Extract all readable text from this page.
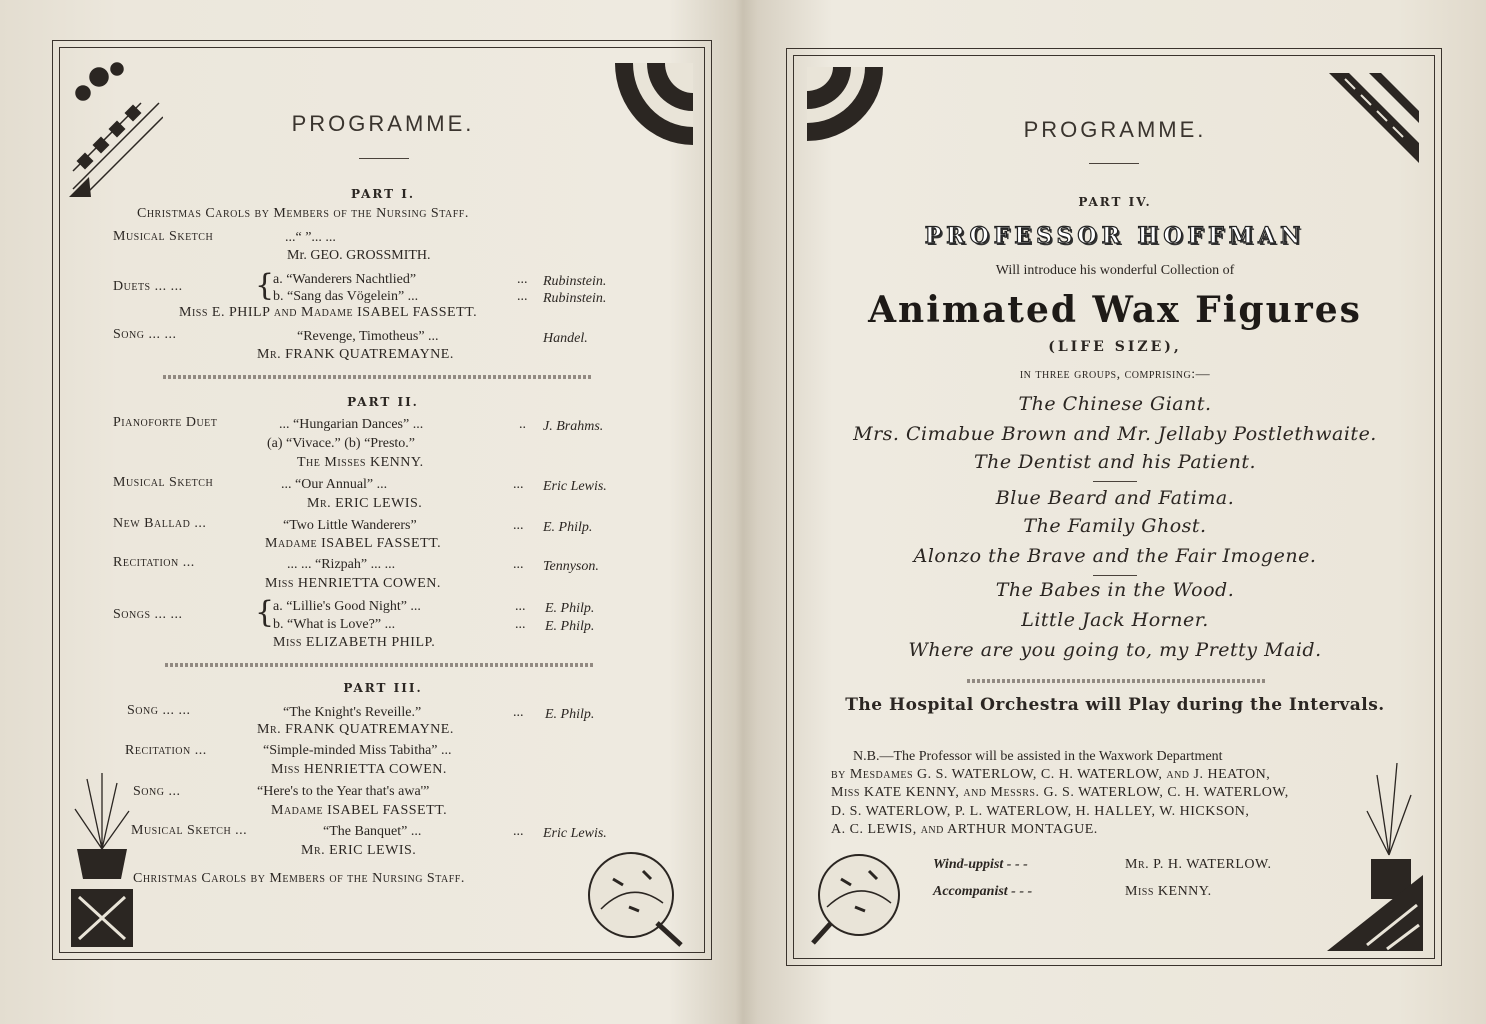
PROGRAMME.
PART I.
Christmas Carols by Members of the Nursing Staff.
Musical Sketch	...“ ”... ...
Mr. GEO. GROSSMITH.
Duets ... ... {
a. “Wanderers Nachtlied”	... Rubinstein.
b. “Sang das Vögelein” ...	... Rubinstein.
Miss E. PHILP and Madame ISABEL FASSETT.
Song ... ...	“Revenge, Timotheus” ...	Handel.
Mr. FRANK QUATREMAYNE.
PART II.
Pianoforte Duet	... “Hungarian Dances” ...	.. J. Brahms.
(a) “Vivace.” (b) “Presto.”
The Misses KENNY.
Musical Sketch	... “Our Annual” ...	... Eric Lewis.
Mr. ERIC LEWIS.
New Ballad ...	“Two Little Wanderers”	... E. Philp.
Madame ISABEL FASSETT.
Recitation ...	... ... “Rizpah” ... ...	... Tennyson.
Miss HENRIETTA COWEN.
Songs ... ... {
a. “Lillie's Good Night” ...	... E. Philp.
b. “What is Love?” ...	... E. Philp.
Miss ELIZABETH PHILP.
PART III.
Song ... ...	“The Knight's Reveille.”	... E. Philp.
Mr. FRANK QUATREMAYNE.
Recitation ...	“Simple-minded Miss Tabitha” ...
Miss HENRIETTA COWEN.
Song ...	“Here's to the Year that's awa'”
Madame ISABEL FASSETT.
Musical Sketch ...	“The Banquet” ...	... Eric Lewis.
Mr. ERIC LEWIS.
Christmas Carols by Members of the Nursing Staff.
PROGRAMME.
PART IV.
PROFESSOR HOFFMAN
Will introduce his wonderful Collection of
Animated Wax Figures
(LIFE SIZE),
in three groups, comprising:—
The Chinese Giant.
Mrs. Cimabue Brown and Mr. Jellaby Postlethwaite.
The Dentist and his Patient.
Blue Beard and Fatima.
The Family Ghost.
Alonzo the Brave and the Fair Imogene.
The Babes in the Wood.
Little Jack Horner.
Where are you going to, my Pretty Maid.
The Hospital Orchestra will Play during the Intervals.
N.B.—The Professor will be assisted in the Waxwork Department
by Mesdames G. S. WATERLOW, C. H. WATERLOW, and J. HEATON,
Miss KATE KENNY, and Messrs. G. S. WATERLOW, C. H. WATERLOW,
D. S. WATERLOW, P. L. WATERLOW, H. HALLEY, W. HICKSON,
A. C. LEWIS, and ARTHUR MONTAGUE.
Wind-uppist - - -	Mr. P. H. WATERLOW.
Accompanist - - -	Miss KENNY.
